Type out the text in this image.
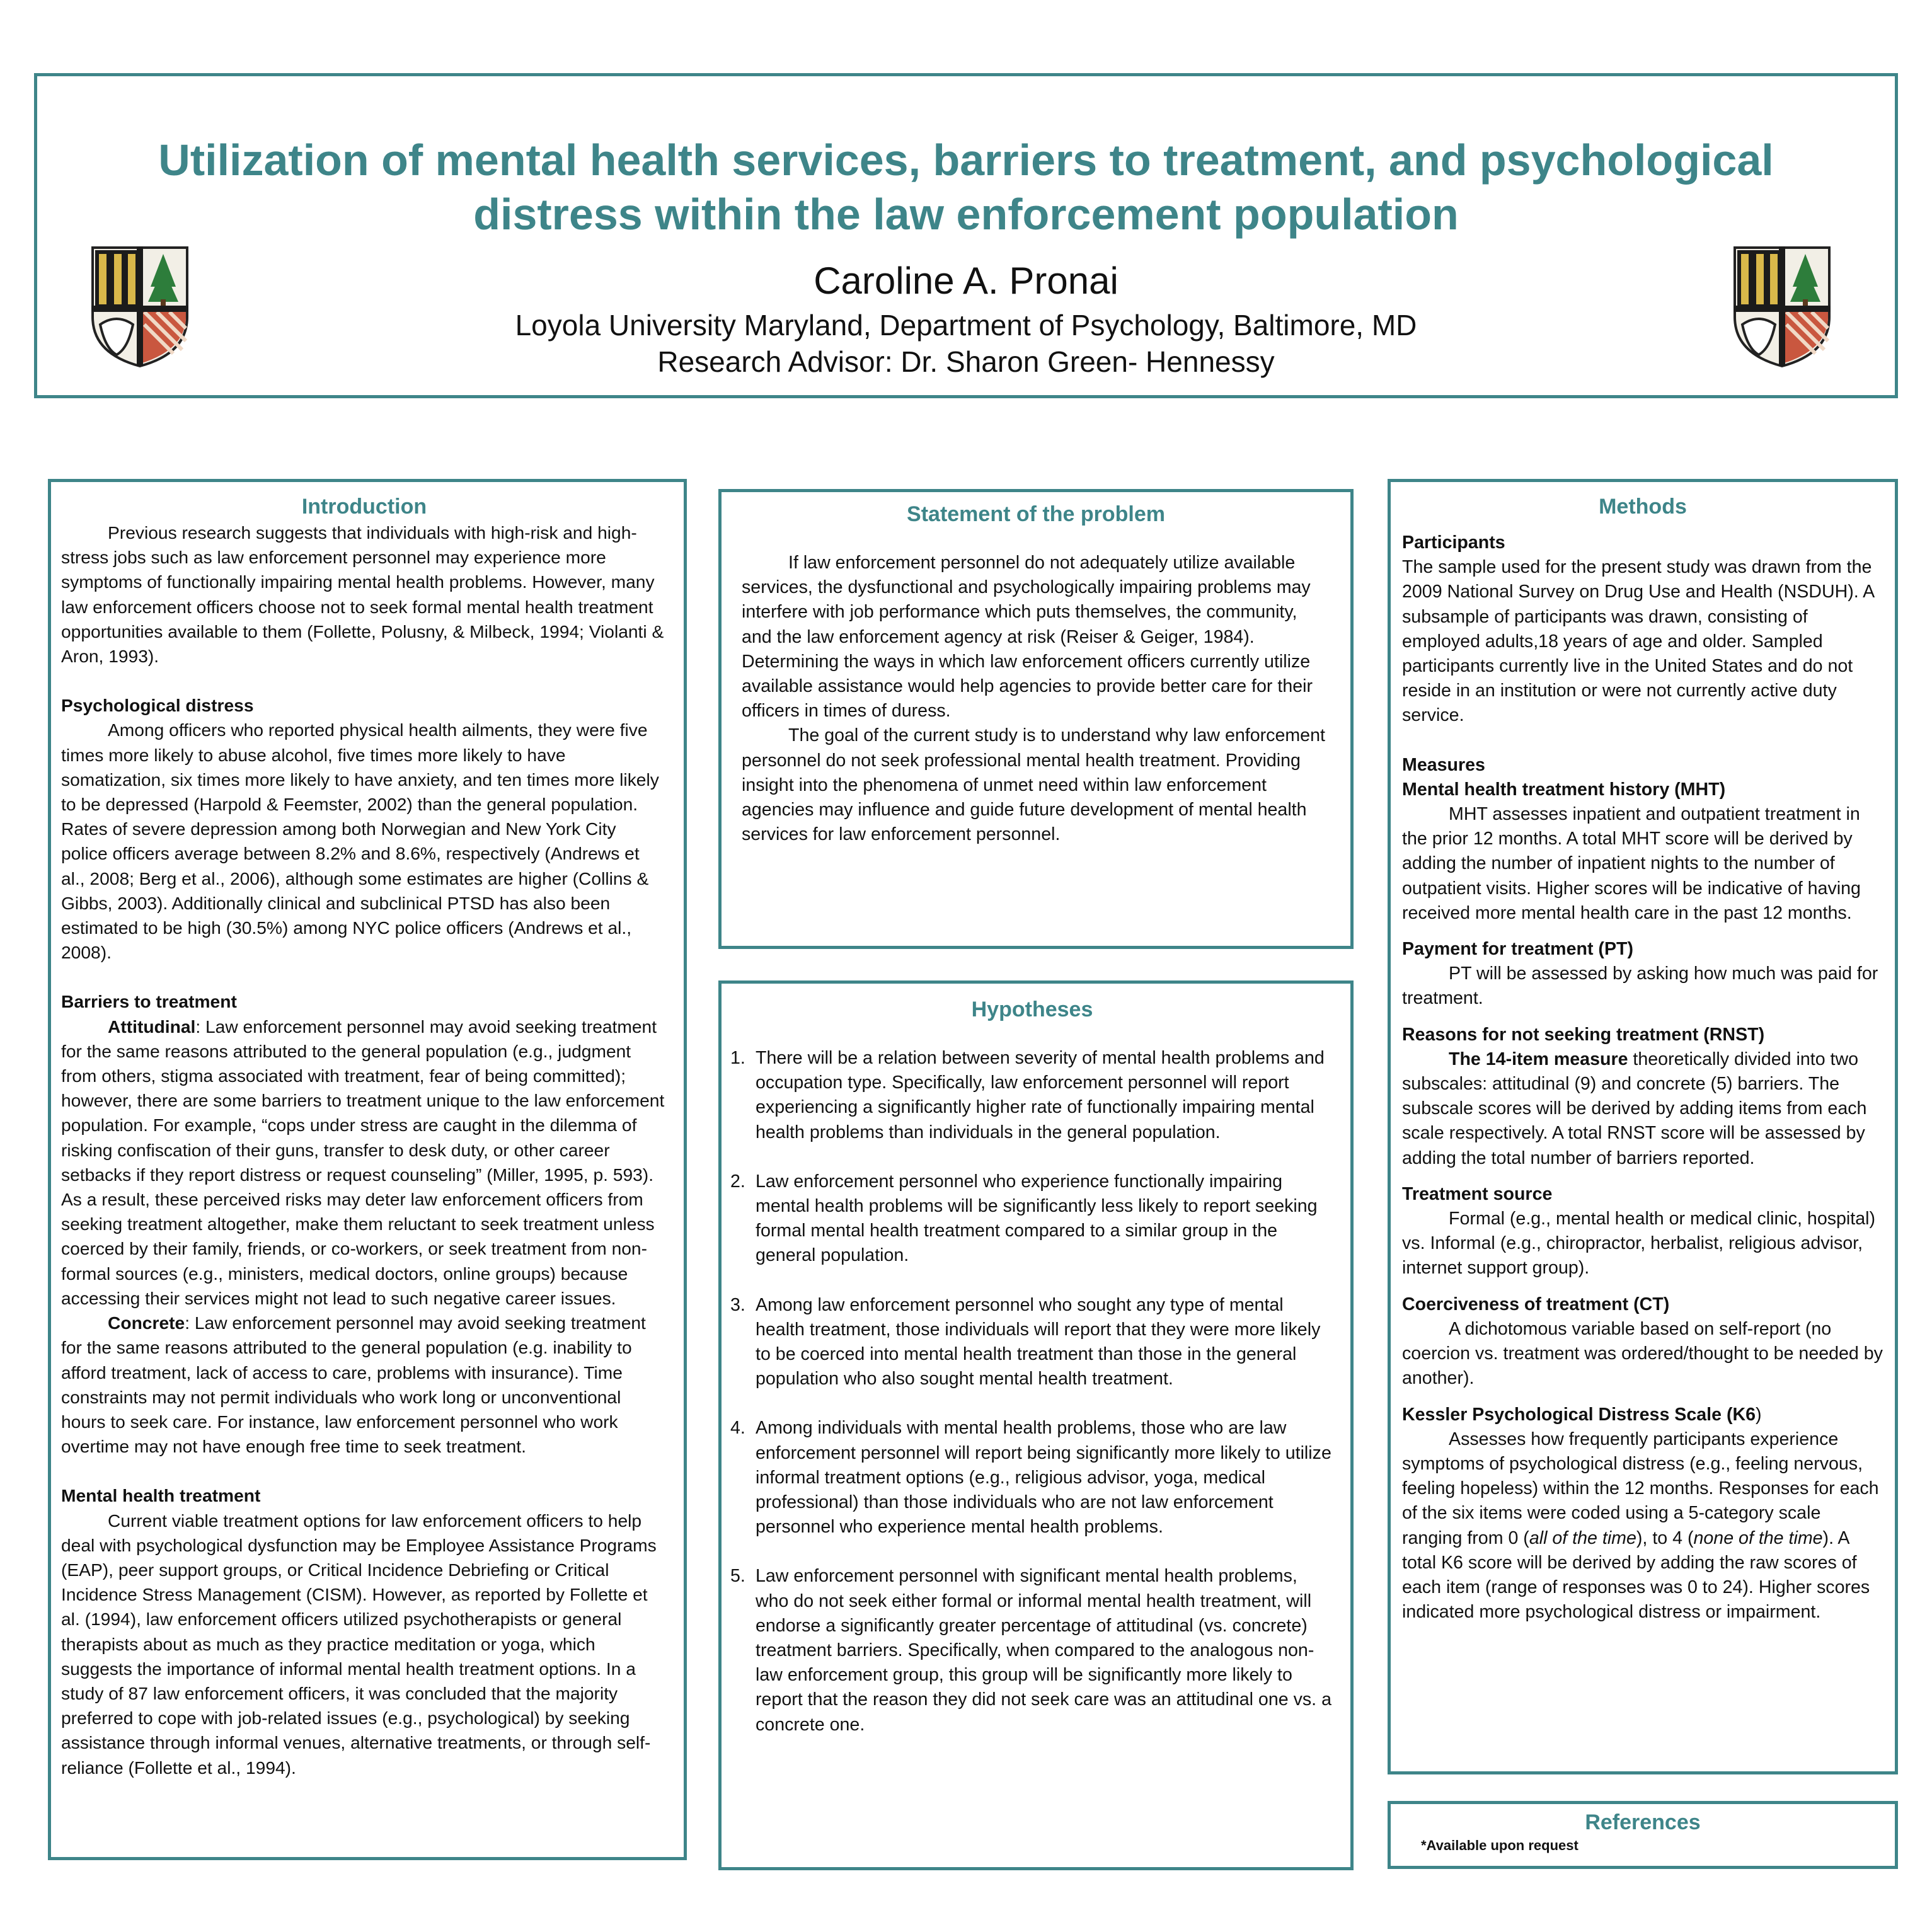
Utilization of mental health services, barriers to treatment, and psychological distress within the law enforcement population
Caroline A. Pronai
Loyola University Maryland, Department of Psychology, Baltimore, MD
Research Advisor: Dr. Sharon Green- Hennessy
Introduction

Previous research suggests that individuals with high-risk and high-stress jobs such as law enforcement personnel may experience more symptoms of functionally impairing mental health problems. However, many law enforcement officers choose not to seek formal mental health treatment opportunities available to them (Follette, Polusny, & Milbeck, 1994; Violanti & Aron, 1993).

Psychological distress

Among officers who reported physical health ailments, they were five times more likely to abuse alcohol, five times more likely to have somatization, six times more likely to have anxiety, and ten times more likely to be depressed (Harpold & Feemster, 2002) than the general population. Rates of severe depression among both Norwegian and New York City police officers average between 8.2% and 8.6%, respectively (Andrews et al., 2008; Berg et al., 2006), although some estimates are higher (Collins & Gibbs, 2003). Additionally clinical and subclinical PTSD has also been estimated to be high (30.5%) among NYC police officers (Andrews et al., 2008).

Barriers to treatment

Attitudinal: Law enforcement personnel may avoid seeking treatment for the same reasons attributed to the general population (e.g., judgment from others, stigma associated with treatment, fear of being committed); however, there are some barriers to treatment unique to the law enforcement population. For example, “cops under stress are caught in the dilemma of risking confiscation of their guns, transfer to desk duty, or other career setbacks if they report distress or request counseling” (Miller, 1995, p. 593). As a result, these perceived risks may deter law enforcement officers from seeking treatment altogether, make them reluctant to seek treatment unless coerced by their family, friends, or co-workers, or seek treatment from non-formal sources (e.g., ministers, medical doctors, online groups) because accessing their services might not lead to such negative career issues.

Concrete: Law enforcement personnel may avoid seeking treatment for the same reasons attributed to the general population (e.g. inability to afford treatment, lack of access to care, problems with insurance). Time constraints may not permit individuals who work long or unconventional hours to seek care. For instance, law enforcement personnel who work overtime may not have enough free time to seek treatment.

Mental health treatment

Current viable treatment options for law enforcement officers to help deal with psychological dysfunction may be Employee Assistance Programs (EAP), peer support groups, or Critical Incidence Debriefing or Critical Incidence Stress Management (CISM). However, as reported by Follette et al. (1994), law enforcement officers utilized psychotherapists or general therapists about as much as they practice meditation or yoga, which suggests the importance of informal mental health treatment options. In a study of 87 law enforcement officers, it was concluded that the majority preferred to cope with job-related issues (e.g., psychological) by seeking assistance through informal venues, alternative treatments, or through self-reliance (Follette et al., 1994).

Statement of the problem

If law enforcement personnel do not adequately utilize available services, the dysfunctional and psychologically impairing problems may interfere with job performance which puts themselves, the community, and the law enforcement agency at risk (Reiser & Geiger, 1984). Determining the ways in which law enforcement officers currently utilize available assistance would help agencies to provide better care for their officers in times of duress.

The goal of the current study is to understand why law enforcement personnel do not seek professional mental health treatment. Providing insight into the phenomena of unmet need within law enforcement agencies may influence and guide future development of mental health services for law enforcement personnel.

Hypotheses
1. There will be a relation between severity of mental health problems and occupation type. Specifically, law enforcement personnel will report experiencing a significantly higher rate of functionally impairing mental health problems than individuals in the general population.
2. Law enforcement personnel who experience functionally impairing mental health problems will be significantly less likely to report seeking formal mental health treatment compared to a similar group in the general population.
3. Among law enforcement personnel who sought any type of mental health treatment, those individuals will report that they were more likely to be coerced into mental health treatment than those in the general population who also sought mental health treatment.
4. Among individuals with mental health problems, those who are law enforcement personnel will report being significantly more likely to utilize informal treatment options (e.g., religious advisor, yoga, medical professional) than those individuals who are not law enforcement personnel who experience mental health problems.
5. Law enforcement personnel with significant mental health problems, who do not seek either formal or informal mental health treatment, will endorse a significantly greater percentage of attitudinal (vs. concrete) treatment barriers. Specifically, when compared to the analogous non-law enforcement group, this group will be significantly more likely to report that the reason they did not seek care was an attitudinal one vs. a concrete one.
Methods

Participants

The sample used for the present study was drawn from the 2009 National Survey on Drug Use and Health (NSDUH). A subsample of participants was drawn, consisting of employed adults,18 years of age and older. Sampled participants currently live in the United States and do not reside in an institution or were not currently active duty service.

Measures

Mental health treatment history (MHT)

MHT assesses inpatient and outpatient treatment in the prior 12 months. A total MHT score will be derived by adding the number of inpatient nights to the number of outpatient visits. Higher scores will be indicative of having received more mental health care in the past 12 months.

Payment for treatment (PT)

PT will be assessed by asking how much was paid for treatment.

Reasons for not seeking treatment (RNST)

The 14-item measure theoretically divided into two subscales: attitudinal (9) and concrete (5) barriers. The subscale scores will be derived by adding items from each scale respectively. A total RNST score will be assessed by adding the total number of barriers reported.

Treatment source

Formal (e.g., mental health or medical clinic, hospital) vs. Informal (e.g., chiropractor, herbalist, religious advisor, internet support group).

Coerciveness of treatment (CT)

A dichotomous variable based on self-report (no coercion vs. treatment was ordered/thought to be needed by another).

Kessler Psychological Distress Scale (K6)

Assesses how frequently participants experience symptoms of psychological distress (e.g., feeling nervous, feeling hopeless) within the 12 months. Responses for each of the six items were coded using a 5-category scale ranging from 0 (all of the time), to 4 (none of the time). A total K6 score will be derived by adding the raw scores of each item (range of responses was 0 to 24). Higher scores indicated more psychological distress or impairment.

References
*Available upon request
